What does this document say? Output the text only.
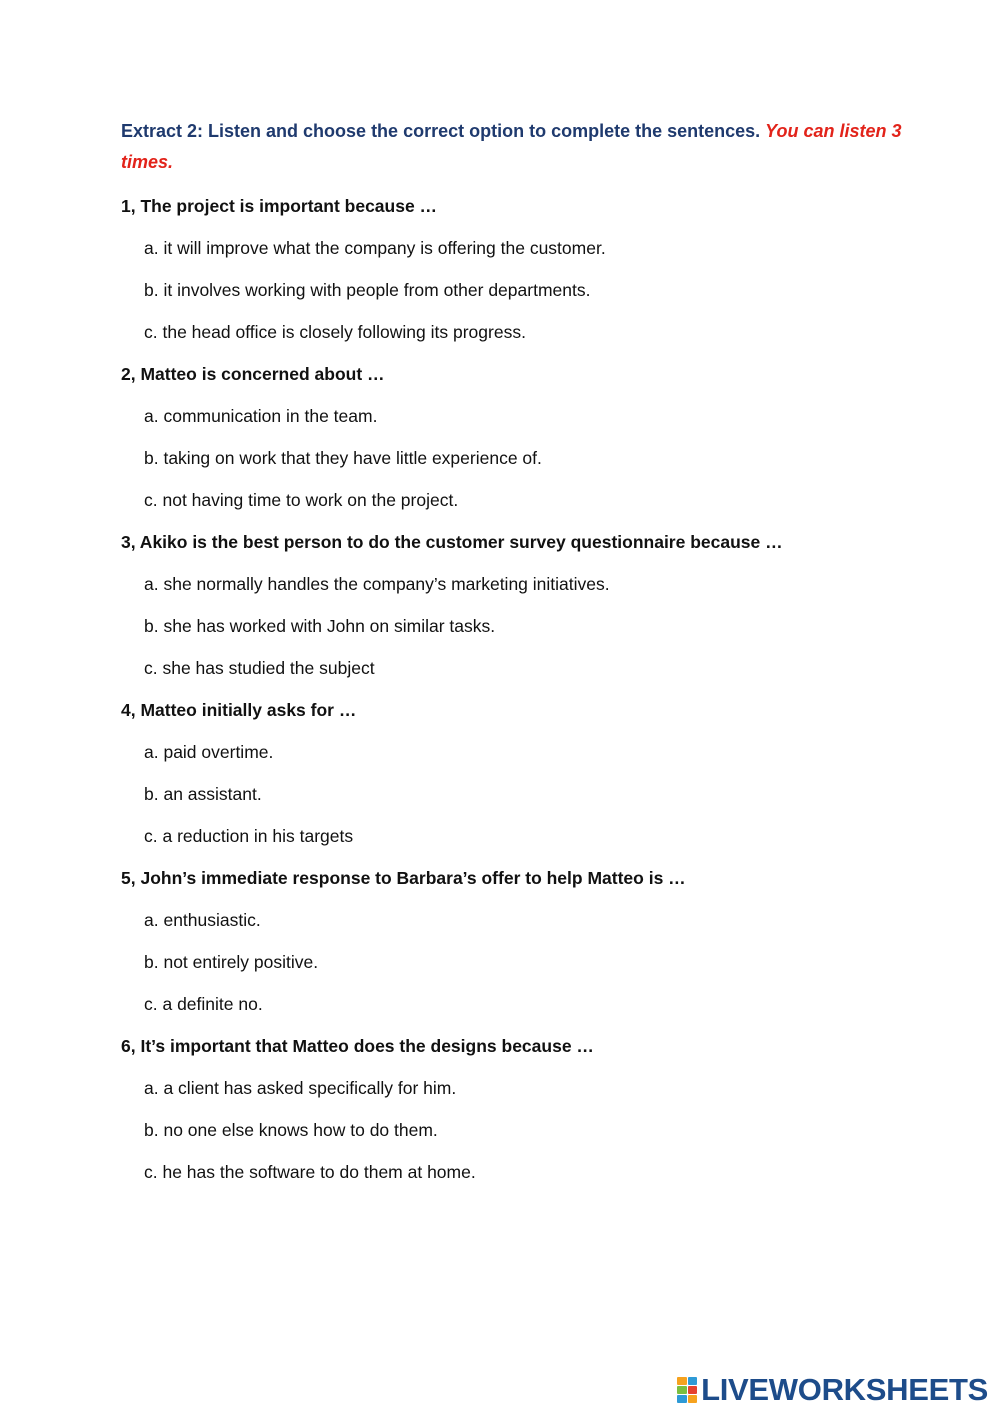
Extract 2: Listen and choose the correct option to complete the sentences. You can listen 3 times.
1, The project is important because …
a. it will improve what the company is offering the customer.
b. it involves working with people from other departments.
c. the head office is closely following its progress.
2, Matteo is concerned about …
a. communication in the team.
b. taking on work that they have little experience of.
c. not having time to work on the project.
3, Akiko is the best person to do the customer survey questionnaire because …
a. she normally handles the company’s marketing initiatives.
b. she has worked with John on similar tasks.
c. she has studied the subject
4, Matteo initially asks for …
a. paid overtime.
b. an assistant.
c. a reduction in his targets
5, John’s immediate response to Barbara’s offer to help Matteo is …
a. enthusiastic.
b. not entirely positive.
c. a definite no.
6, It’s important that Matteo does the designs because …
a. a client has asked specifically for him.
b. no one else knows how to do them.
c. he has the software to do them at home.
LIVEWORKSHEETS
